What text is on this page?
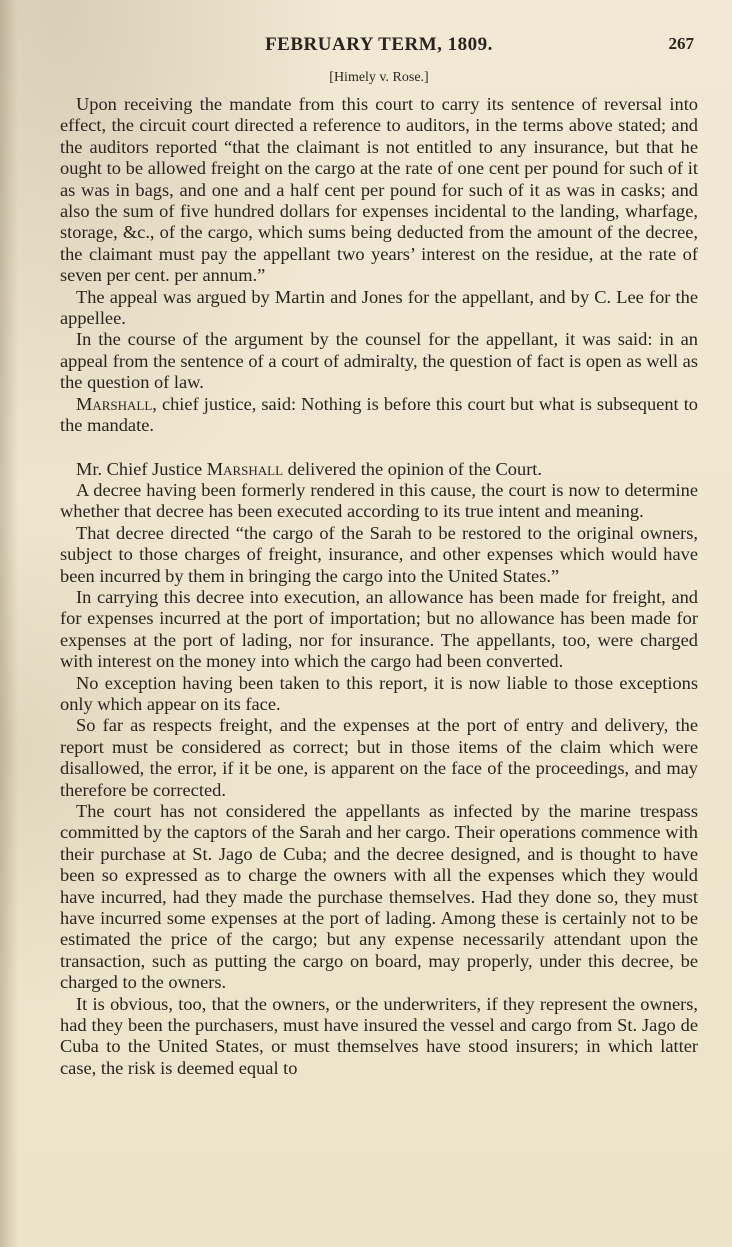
FEBRUARY TERM, 1809.	267
[Himely v. Rose.]

Upon receiving the mandate from this court to carry its sentence of reversal into effect, the circuit court directed a reference to auditors, in the terms above stated; and the auditors reported “that the claimant is not entitled to any insurance, but that he ought to be allowed freight on the cargo at the rate of one cent per pound for such of it as was in bags, and one and a half cent per pound for such of it as was in casks; and also the sum of five hundred dollars for expenses incidental to the landing, wharfage, storage, &c., of the cargo, which sums being deducted from the amount of the decree, the claimant must pay the appellant two years’ interest on the residue, at the rate of seven per cent. per annum.”

The appeal was argued by Martin and Jones for the appellant, and by C. Lee for the appellee.

In the course of the argument by the counsel for the appellant, it was said: in an appeal from the sentence of a court of admiralty, the question of fact is open as well as the question of law.

Marshall, chief justice, said: Nothing is before this court but what is subsequent to the mandate.

Mr. Chief Justice Marshall delivered the opinion of the Court.

A decree having been formerly rendered in this cause, the court is now to determine whether that decree has been executed according to its true intent and meaning.

That decree directed “the cargo of the Sarah to be restored to the original owners, subject to those charges of freight, insurance, and other expenses which would have been incurred by them in bringing the cargo into the United States.”

In carrying this decree into execution, an allowance has been made for freight, and for expenses incurred at the port of importation; but no allowance has been made for expenses at the port of lading, nor for insurance. The appellants, too, were charged with interest on the money into which the cargo had been converted.

No exception having been taken to this report, it is now liable to those exceptions only which appear on its face.

So far as respects freight, and the expenses at the port of entry and delivery, the report must be considered as correct; but in those items of the claim which were disallowed, the error, if it be one, is apparent on the face of the proceedings, and may therefore be corrected.

The court has not considered the appellants as infected by the marine trespass committed by the captors of the Sarah and her cargo. Their operations commence with their purchase at St. Jago de Cuba; and the decree designed, and is thought to have been so expressed as to charge the owners with all the expenses which they would have incurred, had they made the purchase themselves. Had they done so, they must have incurred some expenses at the port of lading. Among these is certainly not to be estimated the price of the cargo; but any expense necessarily attendant upon the transaction, such as putting the cargo on board, may properly, under this decree, be charged to the owners.

It is obvious, too, that the owners, or the underwriters, if they represent the owners, had they been the purchasers, must have insured the vessel and cargo from St. Jago de Cuba to the United States, or must themselves have stood insurers; in which latter case, the risk is deemed equal to
